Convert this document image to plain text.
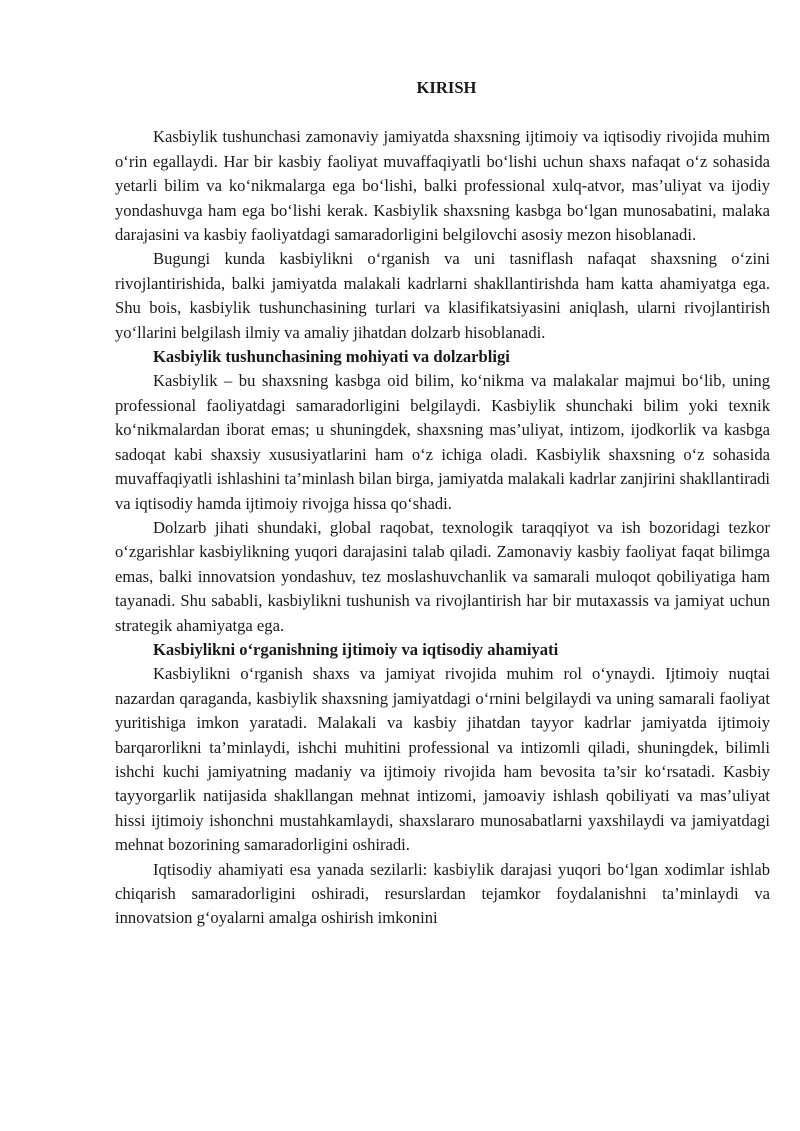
KIRISH

Kasbiylik tushunchasi zamonaviy jamiyatda shaxsning ijtimoiy va iqtisodiy rivojida muhim o‘rin egallaydi. Har bir kasbiy faoliyat muvaffaqiyatli bo‘lishi uchun shaxs nafaqat o‘z sohasida yetarli bilim va ko‘nikmalarga ega bo‘lishi, balki professional xulq-atvor, mas’uliyat va ijodiy yondashuvga ham ega bo‘lishi kerak. Kasbiylik shaxsning kasbga bo‘lgan munosabatini, malaka darajasini va kasbiy faoliyatdagi samaradorligini belgilovchi asosiy mezon hisoblanadi.

Bugungi kunda kasbiylikni o‘rganish va uni tasniflash nafaqat shaxsning o‘zini rivojlantirishida, balki jamiyatda malakali kadrlarni shakllantirishda ham katta ahamiyatga ega. Shu bois, kasbiylik tushunchasining turlari va klasifikatsiyasini aniqlash, ularni rivojlantirish yo‘llarini belgilash ilmiy va amaliy jihatdan dolzarb hisoblanadi.

Kasbiylik tushunchasining mohiyati va dolzarbligi

Kasbiylik – bu shaxsning kasbga oid bilim, ko‘nikma va malakalar majmui bo‘lib, uning professional faoliyatdagi samaradorligini belgilaydi. Kasbiylik shunchaki bilim yoki texnik ko‘nikmalardan iborat emas; u shuningdek, shaxsning mas’uliyat, intizom, ijodkorlik va kasbga sadoqat kabi shaxsiy xususiyatlarini ham o‘z ichiga oladi. Kasbiylik shaxsning o‘z sohasida muvaffaqiyatli ishlashini ta’minlash bilan birga, jamiyatda malakali kadrlar zanjirini shakllantiradi va iqtisodiy hamda ijtimoiy rivojga hissa qo‘shadi.

Dolzarb jihati shundaki, global raqobat, texnologik taraqqiyot va ish bozoridagi tezkor o‘zgarishlar kasbiylikning yuqori darajasini talab qiladi. Zamonaviy kasbiy faoliyat faqat bilimga emas, balki innovatsion yondashuv, tez moslashuvchanlik va samarali muloqot qobiliyatiga ham tayanadi. Shu sababli, kasbiylikni tushunish va rivojlantirish har bir mutaxassis va jamiyat uchun strategik ahamiyatga ega.

Kasbiylikni o‘rganishning ijtimoiy va iqtisodiy ahamiyati

Kasbiylikni o‘rganish shaxs va jamiyat rivojida muhim rol o‘ynaydi. Ijtimoiy nuqtai nazardan qaraganda, kasbiylik shaxsning jamiyatdagi o‘rnini belgilaydi va uning samarali faoliyat yuritishiga imkon yaratadi. Malakali va kasbiy jihatdan tayyor kadrlar jamiyatda ijtimoiy barqarorlikni ta’minlaydi, ishchi muhitini professional va intizomli qiladi, shuningdek, bilimli ishchi kuchi jamiyatning madaniy va ijtimoiy rivojida ham bevosita ta’sir ko‘rsatadi. Kasbiy tayyorgarlik natijasida shakllangan mehnat intizomi, jamoaviy ishlash qobiliyati va mas’uliyat hissi ijtimoiy ishonchni mustahkamlaydi, shaxslararo munosabatlarni yaxshilaydi va jamiyatdagi mehnat bozorining samaradorligini oshiradi.

Iqtisodiy ahamiyati esa yanada sezilarli: kasbiylik darajasi yuqori bo‘lgan xodimlar ishlab chiqarish samaradorligini oshiradi, resurslardan tejamkor foydalanishni ta’minlaydi va innovatsion g‘oyalarni amalga oshirish imkonini
